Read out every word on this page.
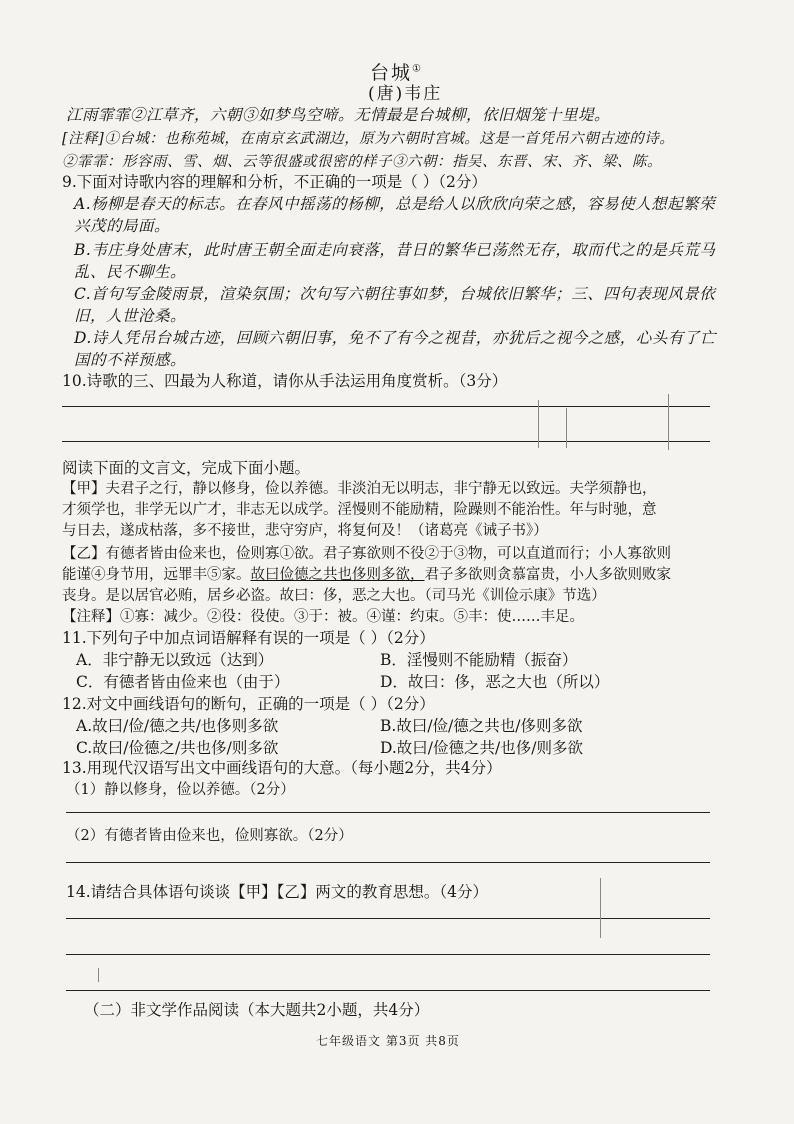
台城①
(唐)韦庄
江雨霏霏②江草齐，六朝③如梦鸟空啼。无情最是台城柳，依旧烟笼十里堤。
[注释]①台城：也称苑城，在南京玄武湖边，原为六朝时宫城。这是一首凭吊六朝古迹的诗。
②霏霏：形容雨、雪、烟、云等很盛或很密的样子③六朝：指吴、东晋、宋、齐、梁、陈。
9.下面对诗歌内容的理解和分析，不正确的一项是（ ）（2分）
A.杨柳是春天的标志。在春风中摇荡的杨柳，总是给人以欣欣向荣之感，容易使人想起繁荣
兴茂的局面。
B.韦庄身处唐末，此时唐王朝全面走向衰落，昔日的繁华已荡然无存，取而代之的是兵荒马
乱、民不聊生。
C.首句写金陵雨景，渲染氛围；次句写六朝往事如梦，台城依旧繁华；三、四句表现风景依
旧，人世沧桑。
D.诗人凭吊台城古迹，回顾六朝旧事，免不了有今之视昔，亦犹后之视今之感，心头有了亡
国的不祥预感。
10.诗歌的三、四最为人称道，请你从手法运用角度赏析。（3分）
阅读下面的文言文，完成下面小题。
【甲】夫君子之行，静以修身，俭以养德。非淡泊无以明志，非宁静无以致远。夫学须静也，
才须学也，非学无以广才，非志无以成学。淫慢则不能励精，险躁则不能治性。年与时驰，意
与日去，遂成枯落，多不接世，悲守穷庐，将复何及！（诸葛亮《诫子书》）
【乙】有德者皆由俭来也，俭则寡①欲。君子寡欲则不役②于③物，可以直道而行；小人寡欲则
能谨④身节用，远罪丰⑤家。故曰俭德之共也侈则多欲，君子多欲则贪慕富贵，小人多欲则败家
丧身。是以居官必贿，居乡必盗。故曰：侈，恶之大也。（司马光《训俭示康》节选）
【注释】①寡：减少。②役：役使。③于：被。④谨：约束。⑤丰：使……丰足。
11.下列句子中加点词语解释有误的一项是（ ）（2分）
A．非宁静无以致远（达到）	B．淫慢则不能励精（振奋）
C．有德者皆由俭来也（由于）	D．故曰：侈，恶之大也（所以）
12.对文中画线语句的断句，正确的一项是（ ）（2分）
A.故曰/俭/德之共/也侈则多欲	B.故曰/俭/德之共也/侈则多欲
C.故曰/俭德之/共也侈/则多欲	D.故曰/俭德之共/也侈/则多欲
13.用现代汉语写出文中画线语句的大意。（每小题2分，共4分）
（1）静以修身，俭以养德。（2分）
（2）有德者皆由俭来也，俭则寡欲。（2分）
14.请结合具体语句谈谈【甲】【乙】两文的教育思想。（4分）
（二）非文学作品阅读（本大题共2小题，共4分）
七年级语文 第3页 共8页
